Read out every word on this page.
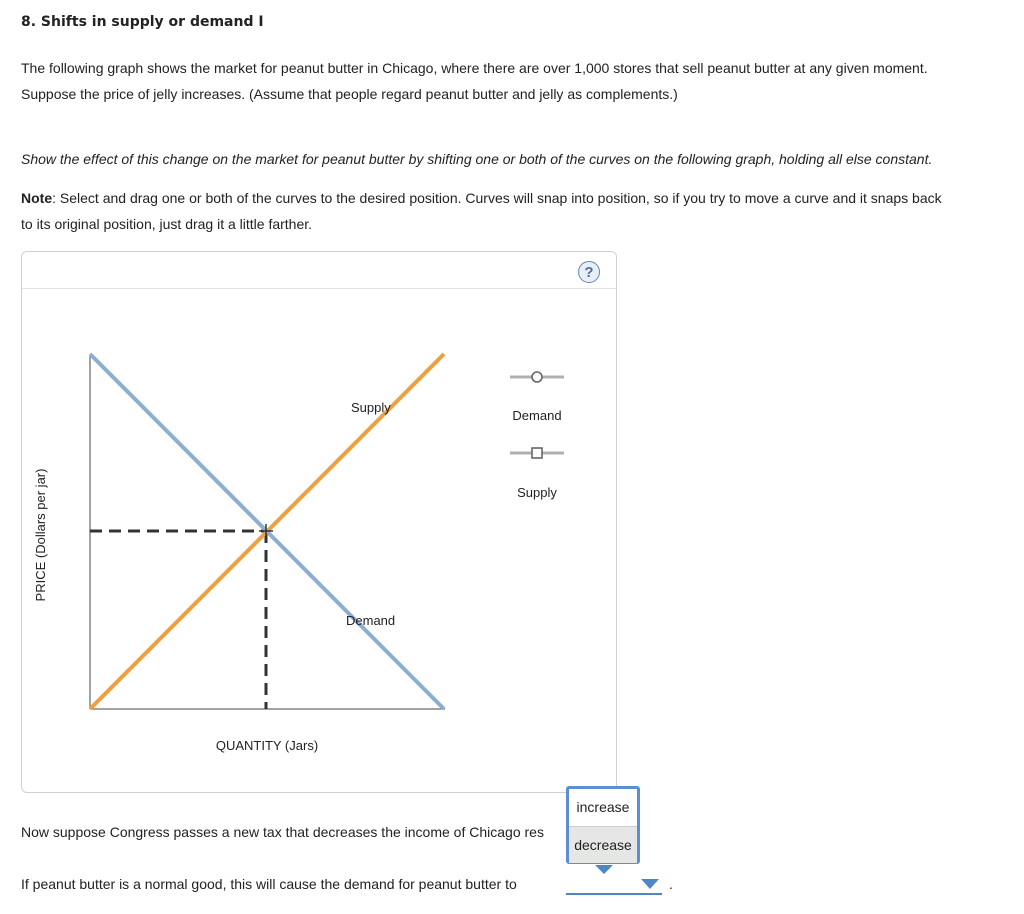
8. Shifts in supply or demand I
The following graph shows the market for peanut butter in Chicago, where there are over 1,000 stores that sell peanut butter at any given moment.
Suppose the price of jelly increases. (Assume that people regard peanut butter and jelly as complements.)
Show the effect of this change on the market for peanut butter by shifting one or both of the curves on the following graph, holding all else constant.
Note: Select and drag one or both of the curves to the desired position. Curves will snap into position, so if you try to move a curve and it snaps back
to its original position, just drag it a little farther.
?
Supply
Demand
QUANTITY (Jars)
PRICE (Dollars per jar)
Demand
Supply
Now suppose Congress passes a new tax that decreases the income of Chicago res
If peanut butter is a normal good, this will cause the demand for peanut butter to	.
increase
decrease
